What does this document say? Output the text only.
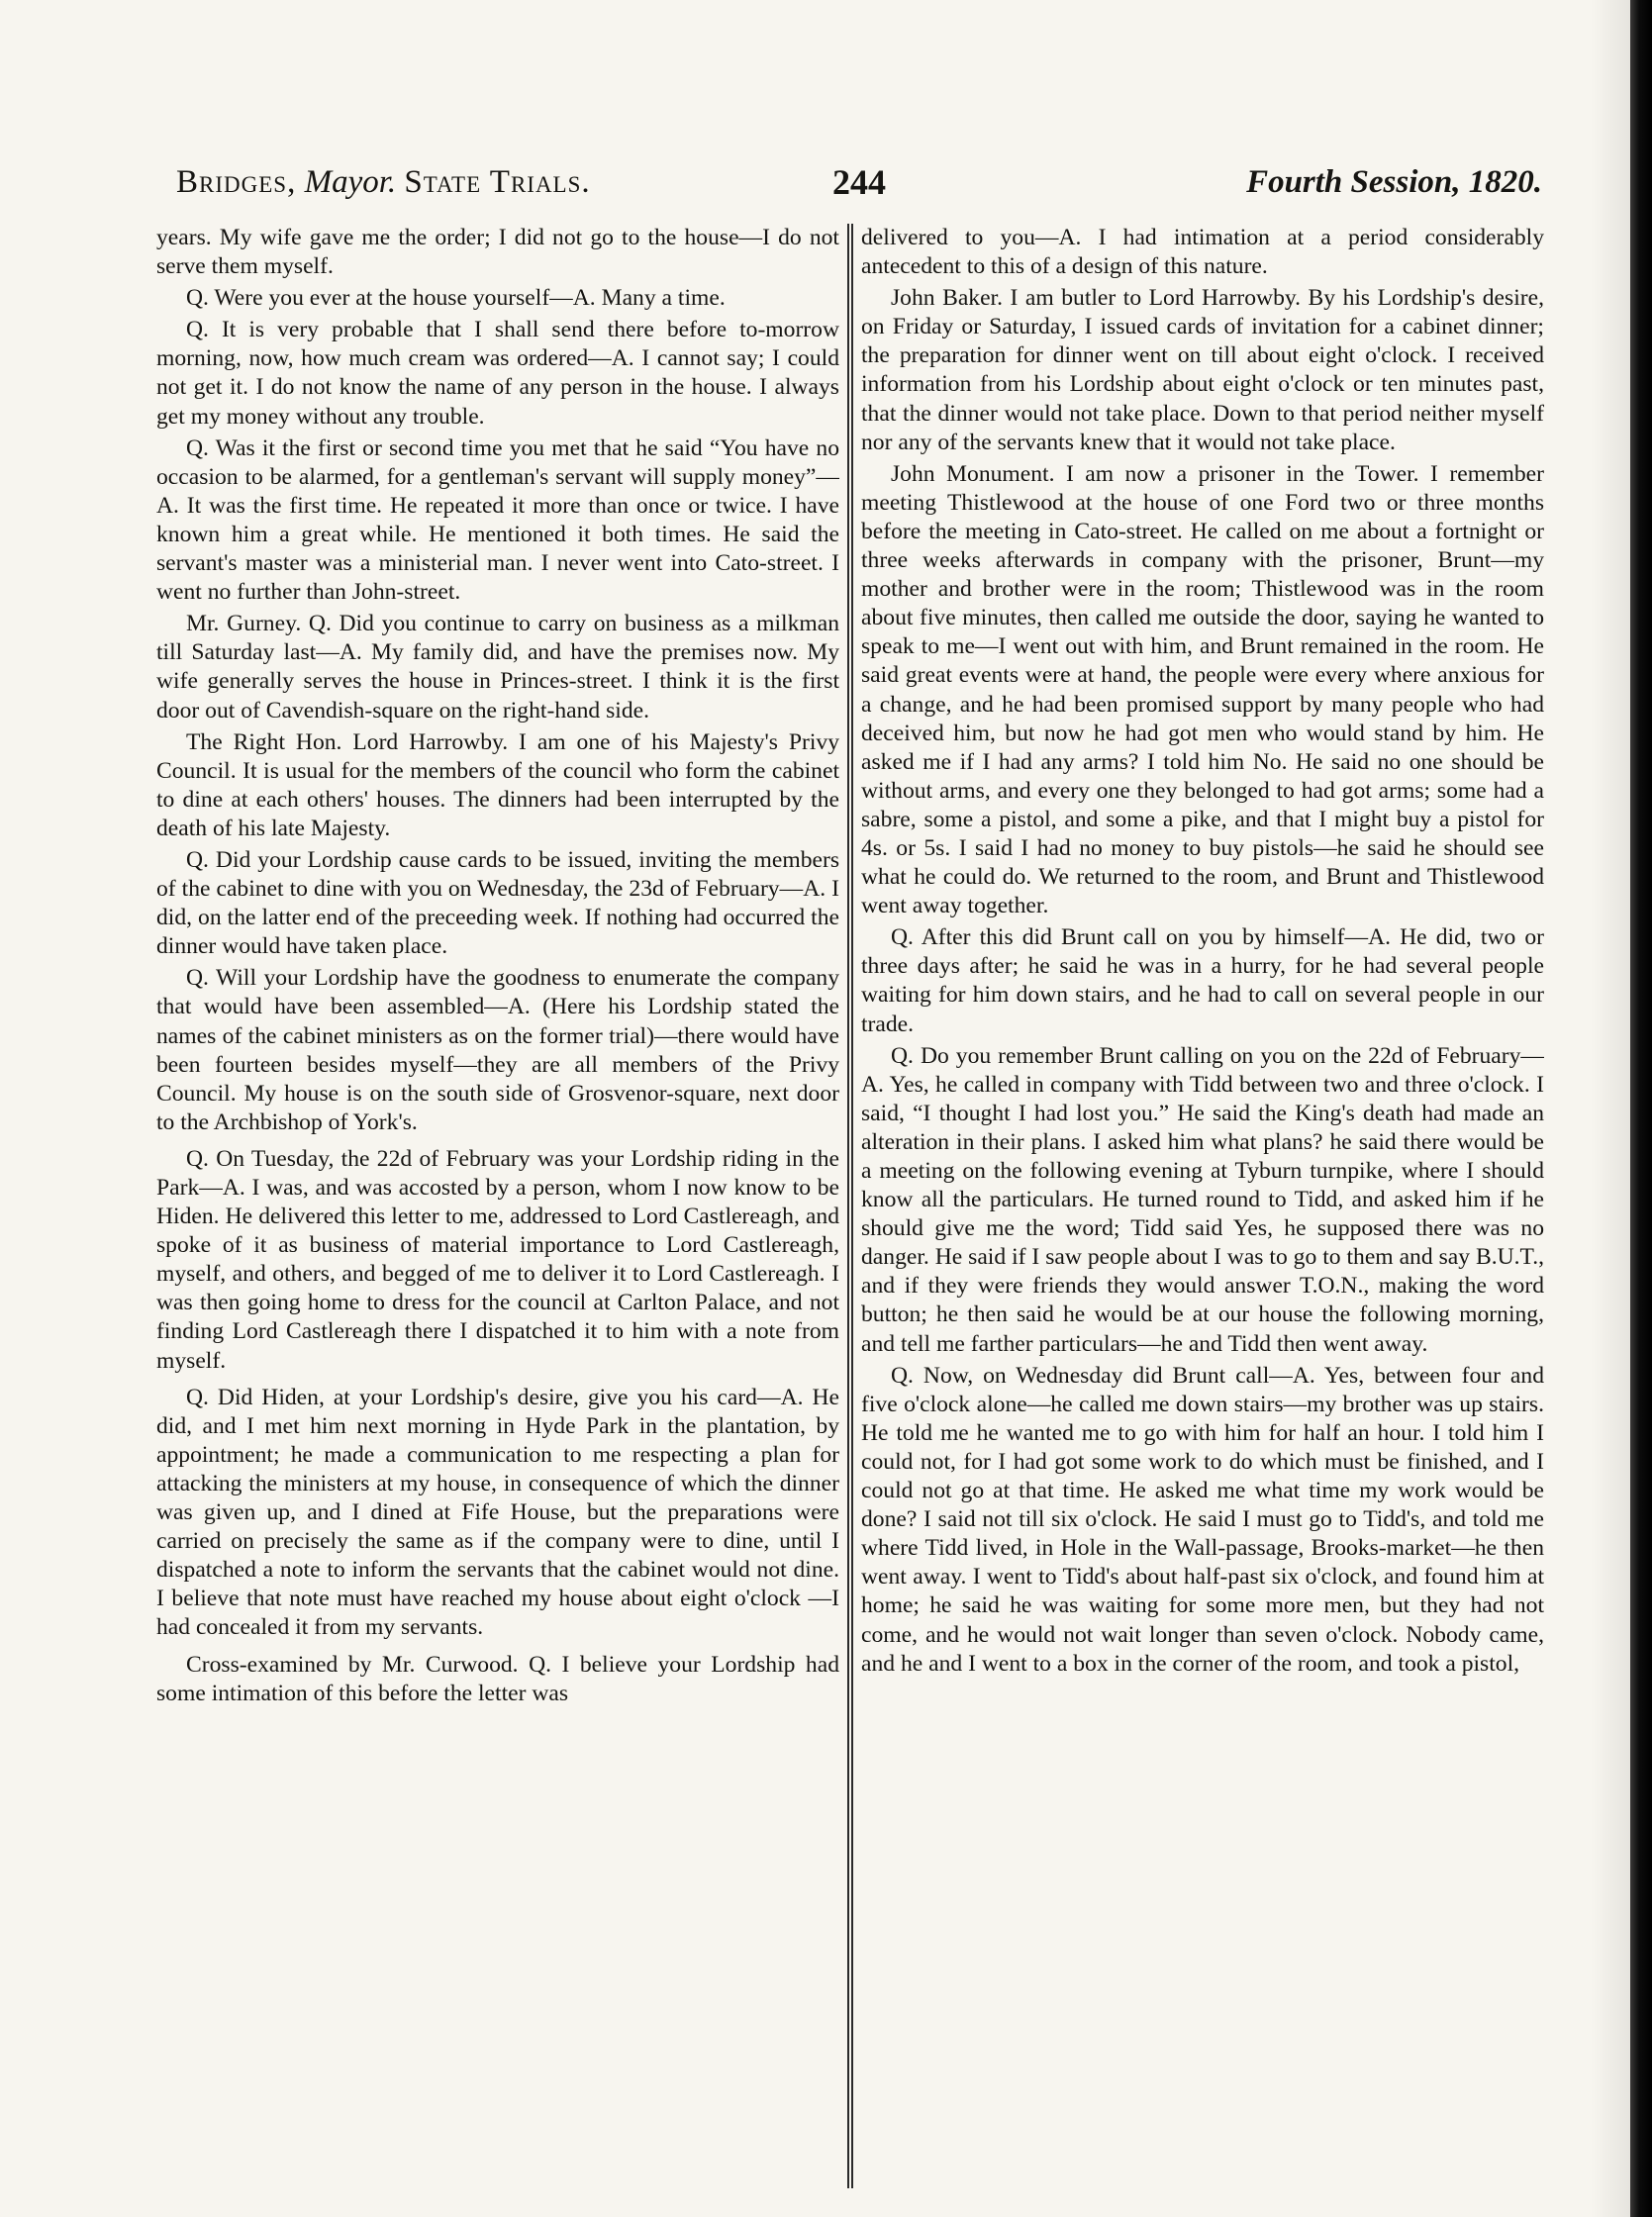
Bridges, Mayor. State Trials.	244	Fourth Session, 1820.

years. My wife gave me the order; I did not go to the house—I do not serve them myself.

Q. Were you ever at the house yourself—A. Many a time.

Q. It is very probable that I shall send there before to-morrow morning, now, how much cream was ordered—A. I cannot say; I could not get it. I do not know the name of any person in the house. I always get my money without any trouble.

Q. Was it the first or second time you met that he said “You have no occasion to be alarmed, for a gentleman's servant will supply money”—A. It was the first time. He repeated it more than once or twice. I have known him a great while. He mentioned it both times. He said the servant's master was a ministerial man. I never went into Cato-street. I went no further than John-street.

Mr. Gurney. Q. Did you continue to carry on business as a milkman till Saturday last—A. My family did, and have the premises now. My wife generally serves the house in Princes-street. I think it is the first door out of Cavendish-square on the right-hand side.

The Right Hon. Lord Harrowby. I am one of his Majesty's Privy Council. It is usual for the members of the council who form the cabinet to dine at each others' houses. The dinners had been interrupted by the death of his late Majesty.

Q. Did your Lordship cause cards to be issued, inviting the members of the cabinet to dine with you on Wednesday, the 23d of February—A. I did, on the latter end of the preceeding week. If nothing had occurred the dinner would have taken place.

Q. Will your Lordship have the goodness to enumerate the company that would have been assembled—A. (Here his Lordship stated the names of the cabinet ministers as on the former trial)—there would have been fourteen besides myself—they are all members of the Privy Council. My house is on the south side of Grosvenor-square, next door to the Archbishop of York's.

Q. On Tuesday, the 22d of February was your Lordship riding in the Park—A. I was, and was accosted by a person, whom I now know to be Hiden. He delivered this letter to me, addressed to Lord Castlereagh, and spoke of it as business of material importance to Lord Castlereagh, myself, and others, and begged of me to deliver it to Lord Castlereagh. I was then going home to dress for the council at Carlton Palace, and not finding Lord Castlereagh there I dispatched it to him with a note from myself.

Q. Did Hiden, at your Lordship's desire, give you his card—A. He did, and I met him next morning in Hyde Park in the plantation, by appointment; he made a communication to me respecting a plan for attacking the ministers at my house, in consequence of which the dinner was given up, and I dined at Fife House, but the preparations were carried on precisely the same as if the company were to dine, until I dispatched a note to inform the servants that the cabinet would not dine. I believe that note must have reached my house about eight o'clock —I had concealed it from my servants.

Cross-examined by Mr. Curwood. Q. I believe your Lordship had some intimation of this before the letter was

delivered to you—A. I had intimation at a period considerably antecedent to this of a design of this nature.

John Baker. I am butler to Lord Harrowby. By his Lordship's desire, on Friday or Saturday, I issued cards of invitation for a cabinet dinner; the preparation for dinner went on till about eight o'clock. I received information from his Lordship about eight o'clock or ten minutes past, that the dinner would not take place. Down to that period neither myself nor any of the servants knew that it would not take place.

John Monument. I am now a prisoner in the Tower. I remember meeting Thistlewood at the house of one Ford two or three months before the meeting in Cato-street. He called on me about a fortnight or three weeks afterwards in company with the prisoner, Brunt—my mother and brother were in the room; Thistlewood was in the room about five minutes, then called me outside the door, saying he wanted to speak to me—I went out with him, and Brunt remained in the room. He said great events were at hand, the people were every where anxious for a change, and he had been promised support by many people who had deceived him, but now he had got men who would stand by him. He asked me if I had any arms? I told him No. He said no one should be without arms, and every one they belonged to had got arms; some had a sabre, some a pistol, and some a pike, and that I might buy a pistol for 4s. or 5s. I said I had no money to buy pistols—he said he should see what he could do. We returned to the room, and Brunt and Thistlewood went away together.

Q. After this did Brunt call on you by himself—A. He did, two or three days after; he said he was in a hurry, for he had several people waiting for him down stairs, and he had to call on several people in our trade.

Q. Do you remember Brunt calling on you on the 22d of February—A. Yes, he called in company with Tidd between two and three o'clock. I said, “I thought I had lost you.” He said the King's death had made an alteration in their plans. I asked him what plans? he said there would be a meeting on the following evening at Tyburn turnpike, where I should know all the particulars. He turned round to Tidd, and asked him if he should give me the word; Tidd said Yes, he supposed there was no danger. He said if I saw people about I was to go to them and say B.U.T., and if they were friends they would answer T.O.N., making the word button; he then said he would be at our house the following morning, and tell me farther particulars—he and Tidd then went away.

Q. Now, on Wednesday did Brunt call—A. Yes, between four and five o'clock alone—he called me down stairs—my brother was up stairs. He told me he wanted me to go with him for half an hour. I told him I could not, for I had got some work to do which must be finished, and I could not go at that time. He asked me what time my work would be done? I said not till six o'clock. He said I must go to Tidd's, and told me where Tidd lived, in Hole in the Wall-passage, Brooks-market—he then went away. I went to Tidd's about half-past six o'clock, and found him at home; he said he was waiting for some more men, but they had not come, and he would not wait longer than seven o'clock. Nobody came, and he and I went to a box in the corner of the room, and took a pistol,
